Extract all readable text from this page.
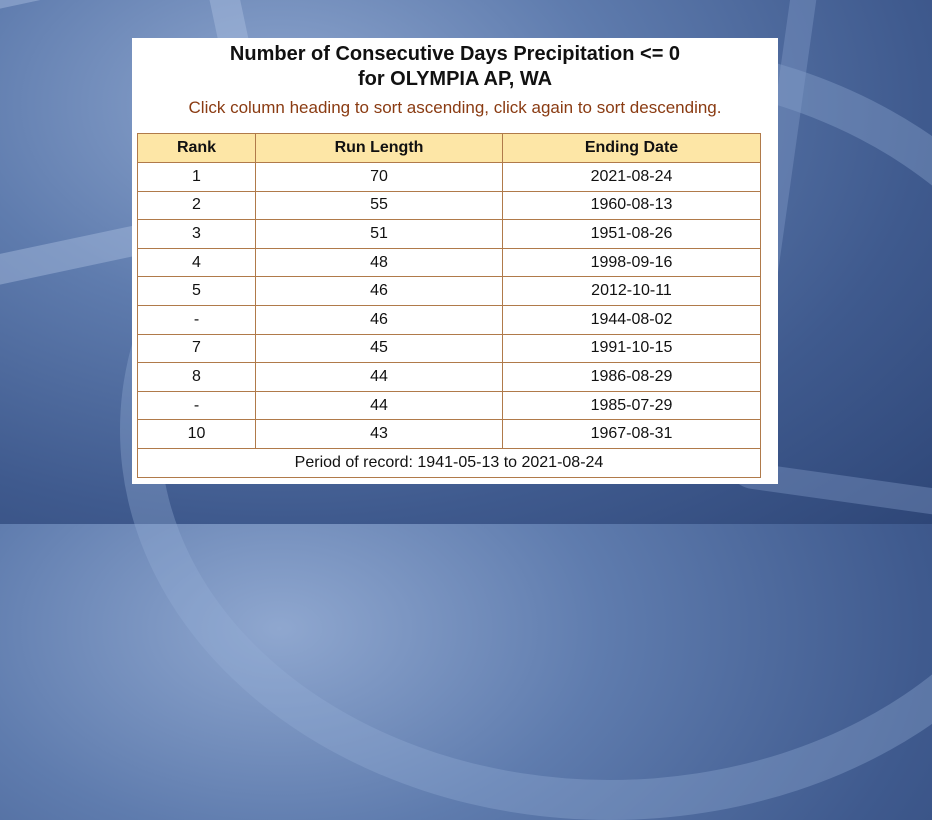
Number of Consecutive Days Precipitation <= 0
for OLYMPIA AP, WA
Click column heading to sort ascending, click again to sort descending.
Rank	Run Length	Ending Date
1	70	2021-08-24
2	55	1960-08-13
3	51	1951-08-26
4	48	1998-09-16
5	46	2012-10-11
-	46	1944-08-02
7	45	1991-10-15
8	44	1986-08-29
-	44	1985-07-29
10	43	1967-08-31
Period of record: 1941-05-13 to 2021-08-24		
